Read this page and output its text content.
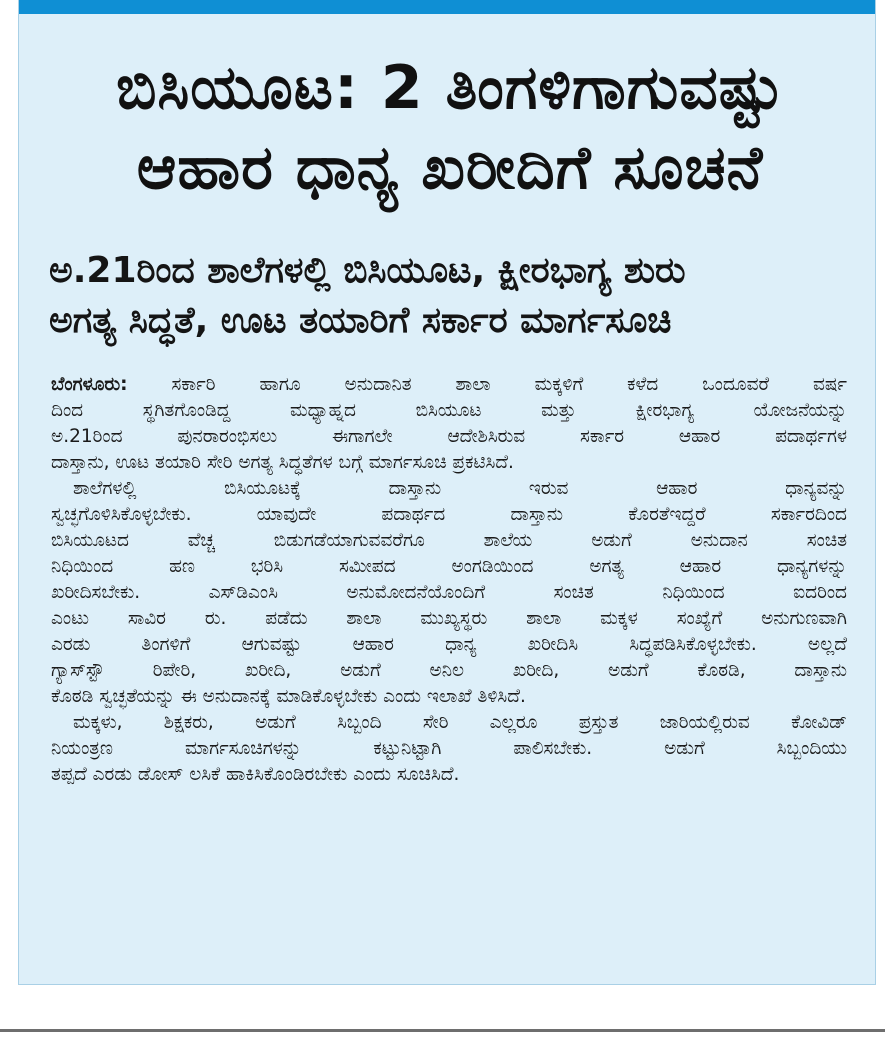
ಬಿಸಿಯೂಟ: 2 ತಿಂಗಳಿಗಾಗುವಷ್ಟು
ಆಹಾರ ಧಾನ್ಯ ಖರೀದಿಗೆ ಸೂಚನೆ
ಅ.21ರಿಂದ ಶಾಲೆಗಳಲ್ಲಿ ಬಿಸಿಯೂಟ, ಕ್ಷೀರಭಾಗ್ಯ ಶುರು
ಅಗತ್ಯ ಸಿದ್ಧತೆ, ಊಟ ತಯಾರಿಗೆ ಸರ್ಕಾರ ಮಾರ್ಗಸೂಚಿ
ಬೆಂಗಳೂರು: ಸರ್ಕಾರಿ ಹಾಗೂ ಅನುದಾನಿತ ಶಾಲಾ ಮಕ್ಕಳಿಗೆ ಕಳೆದ ಒಂದೂವರೆ ವರ್ಷ
ದಿಂದ ಸ್ಥಗಿತಗೊಂಡಿದ್ದ ಮಧ್ಯಾಹ್ನದ ಬಿಸಿಯೂಟ ಮತ್ತು ಕ್ಷೀರಭಾಗ್ಯ ಯೋಜನೆಯನ್ನು
ಅ.21ರಿಂದ ಪುನರಾರಂಭಿಸಲು ಈಗಾಗಲೇ ಆದೇಶಿಸಿರುವ ಸರ್ಕಾರ ಆಹಾರ ಪದಾರ್ಥಗಳ
ದಾಸ್ತಾನು, ಊಟ ತಯಾರಿ ಸೇರಿ ಅಗತ್ಯ ಸಿದ್ಧತೆಗಳ ಬಗ್ಗೆ ಮಾರ್ಗಸೂಚಿ ಪ್ರಕಟಿಸಿದೆ.
ಶಾಲೆಗಳಲ್ಲಿ ಬಿಸಿಯೂಟಕ್ಕೆ ದಾಸ್ತಾನು ಇರುವ ಆಹಾರ ಧಾನ್ಯವನ್ನು
ಸ್ವಚ್ಛಗೊಳಿಸಿಕೊಳ್ಳಬೇಕು. ಯಾವುದೇ ಪದಾರ್ಥದ ದಾಸ್ತಾನು ಕೊರತೆಇದ್ದರೆ ಸರ್ಕಾರದಿಂದ
ಬಿಸಿಯೂಟದ ವೆಚ್ಚ ಬಿಡುಗಡೆಯಾಗುವವರೆಗೂ ಶಾಲೆಯ ಅಡುಗೆ ಅನುದಾನ ಸಂಚಿತ
ನಿಧಿಯಿಂದ ಹಣ ಭರಿಸಿ ಸಮೀಪದ ಅಂಗಡಿಯಿಂದ ಅಗತ್ಯ ಆಹಾರ ಧಾನ್ಯಗಳನ್ನು
ಖರೀದಿಸಬೇಕು. ಎಸ್‌ಡಿಎಂಸಿ ಅನುಮೋದನೆಯೊಂದಿಗೆ ಸಂಚಿತ ನಿಧಿಯಿಂದ ಐದರಿಂದ
ಎಂಟು ಸಾವಿರ ರು. ಪಡೆದು ಶಾಲಾ ಮುಖ್ಯಸ್ಥರು ಶಾಲಾ ಮಕ್ಕಳ ಸಂಖ್ಯೆಗೆ ಅನುಗುಣವಾಗಿ
ಎರಡು ತಿಂಗಳಿಗೆ ಆಗುವಷ್ಟು ಆಹಾರ ಧಾನ್ಯ ಖರೀದಿಸಿ ಸಿದ್ಧಪಡಿಸಿಕೊಳ್ಳಬೇಕು. ಅಲ್ಲದೆ
ಗ್ಯಾಸ್‌ಸ್ಟೌ ರಿಪೇರಿ, ಖರೀದಿ, ಅಡುಗೆ ಅನಿಲ ಖರೀದಿ, ಅಡುಗೆ ಕೊಠಡಿ, ದಾಸ್ತಾನು
ಕೊಠಡಿ ಸ್ವಚ್ಛತೆಯನ್ನು ಈ ಅನುದಾನಕ್ಕೆ ಮಾಡಿಕೊಳ್ಳಬೇಕು ಎಂದು ಇಲಾಖೆ ತಿಳಿಸಿದೆ.
ಮಕ್ಕಳು, ಶಿಕ್ಷಕರು, ಅಡುಗೆ ಸಿಬ್ಬಂದಿ ಸೇರಿ ಎಲ್ಲರೂ ಪ್ರಸ್ತುತ ಜಾರಿಯಲ್ಲಿರುವ ಕೋವಿಡ್
ನಿಯಂತ್ರಣ ಮಾರ್ಗಸೂಚಿಗಳನ್ನು ಕಟ್ಟುನಿಟ್ಟಾಗಿ ಪಾಲಿಸಬೇಕು. ಅಡುಗೆ ಸಿಬ್ಬಂದಿಯು
ತಪ್ಪದೆ ಎರಡು ಡೋಸ್ ಲಸಿಕೆ ಹಾಕಿಸಿಕೊಂಡಿರಬೇಕು ಎಂದು ಸೂಚಿಸಿದೆ.
